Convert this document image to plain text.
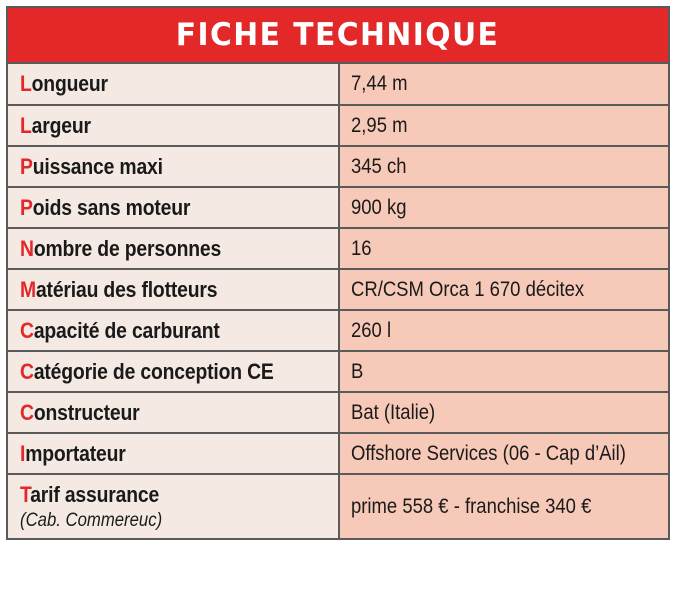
FICHE TECHNIQUE
Longueur	7,44 m
Largeur	2,95 m
Puissance maxi	345 ch
Poids sans moteur	900 kg
Nombre de personnes	16
Matériau des flotteurs	CR/CSM Orca 1 670 décitex
Capacité de carburant	260 l
Catégorie de conception CE	B
Constructeur	Bat (Italie)
Importateur	Offshore Services (06 - Cap d’Ail)
Tarif assurance
(Cab. Commereuc)	prime 558 € - franchise 340 €
